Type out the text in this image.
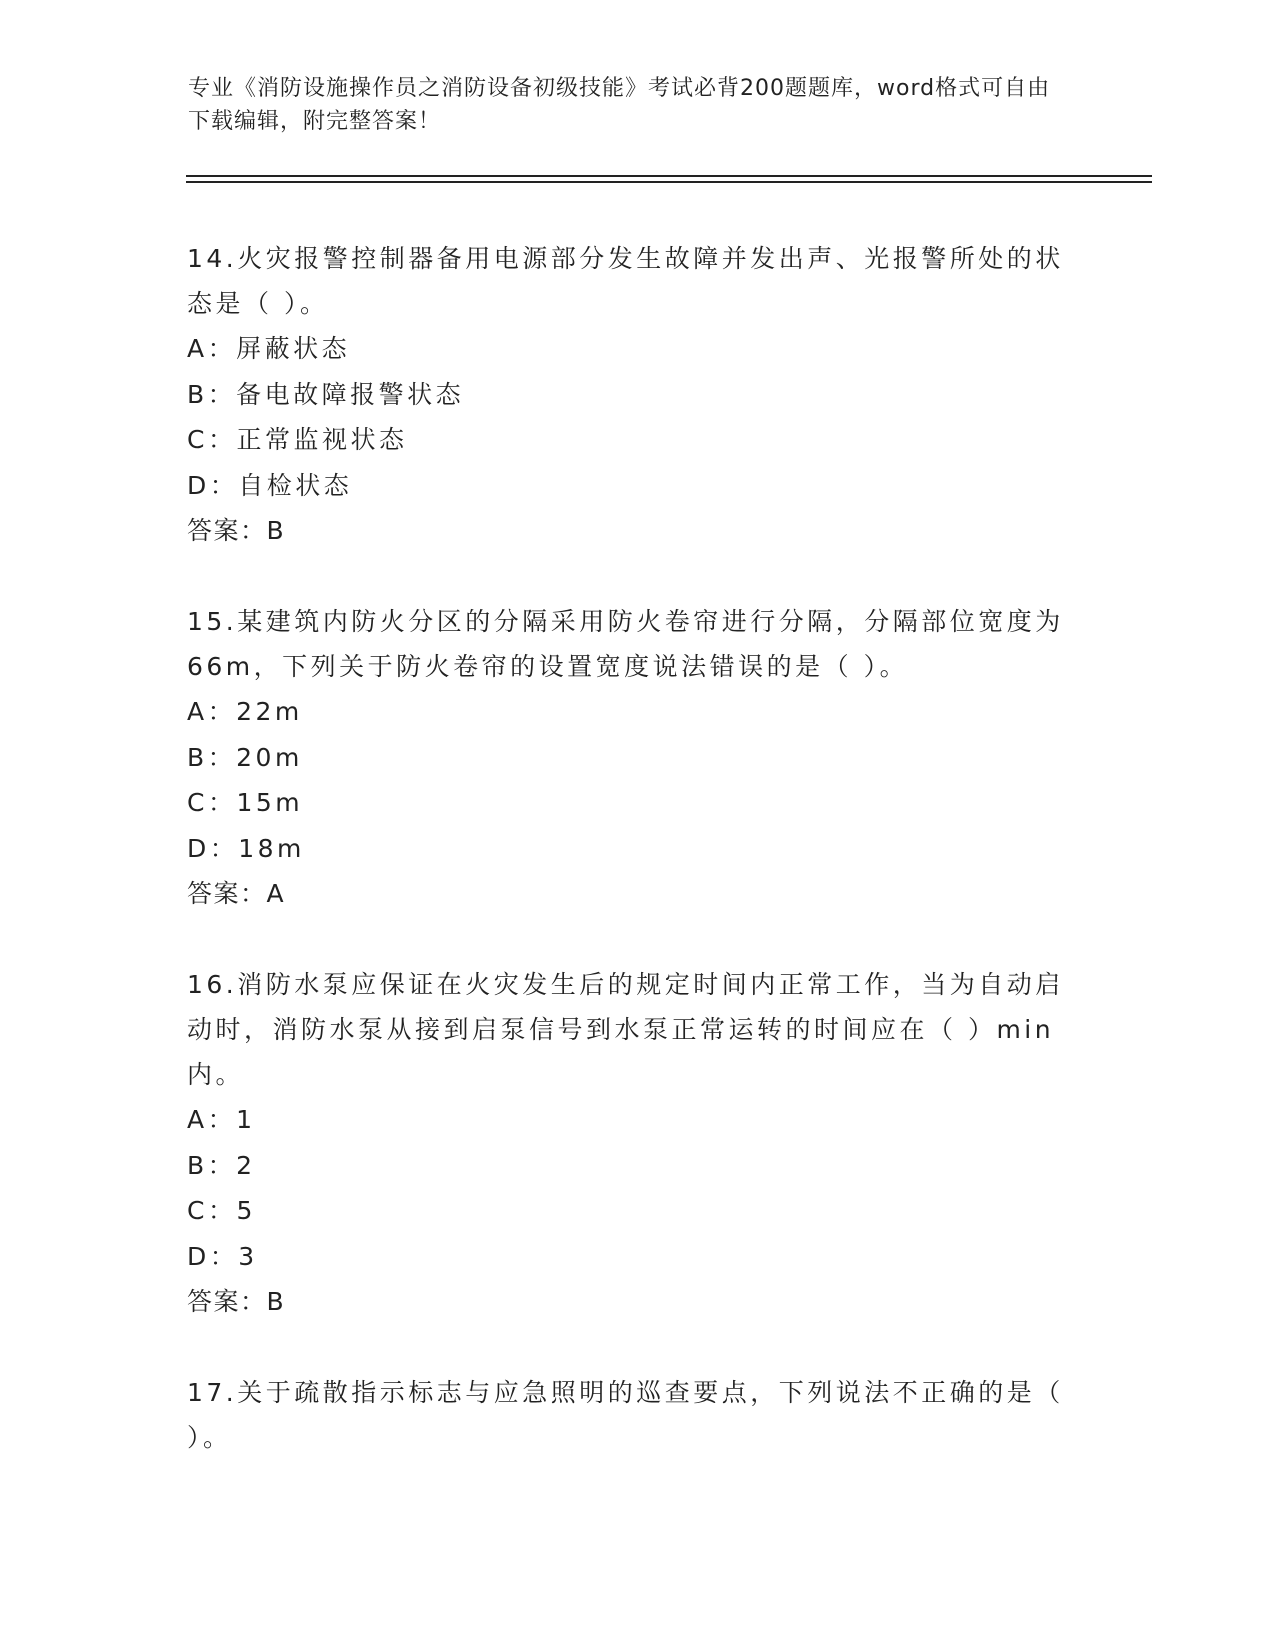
专业《消防设施操作员之消防设备初级技能》考试必背200题题库，word格式可自由下载编辑，附完整答案！

14.火灾报警控制器备用电源部分发生故障并发出声、光报警所处的状态是（ ）。

A：屏蔽状态

B：备电故障报警状态

C：正常监视状态

D：自检状态

答案：B

15.某建筑内防火分区的分隔采用防火卷帘进行分隔，分隔部位宽度为66m，下列关于防火卷帘的设置宽度说法错误的是（ ）。

A：22m

B：20m

C：15m

D：18m

答案：A

16.消防水泵应保证在火灾发生后的规定时间内正常工作，当为自动启动时，消防水泵从接到启泵信号到水泵正常运转的时间应在（ ）min内。

A：1

B：2

C：5

D：3

答案：B

17.关于疏散指示标志与应急照明的巡查要点，下列说法不正确的是（ ）。
